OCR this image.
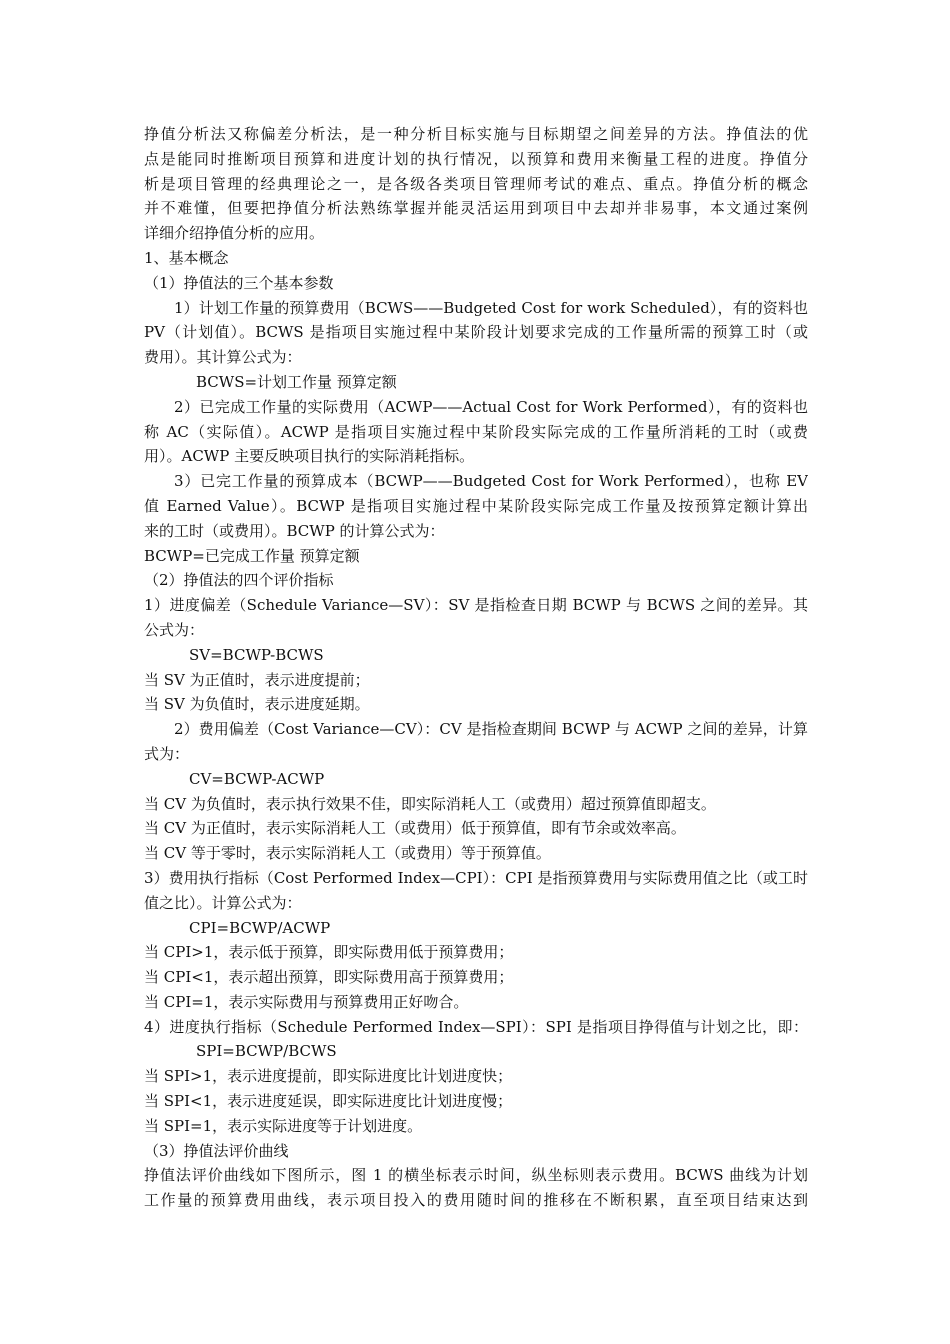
挣值分析法又称偏差分析法，是一种分析目标实施与目标期望之间差异的方法。挣值法的优
点是能同时推断项目预算和进度计划的执行情况，以预算和费用来衡量工程的进度。挣值分
析是项目管理的经典理论之一，是各级各类项目管理师考试的难点、重点。挣值分析的概念
并不难懂，但要把挣值分析法熟练掌握并能灵活运用到项目中去却并非易事，本文通过案例
详细介绍挣值分析的应用。
1、基本概念
（1）挣值法的三个基本参数
1）计划工作量的预算费用（BCWS——Budgeted Cost for work Scheduled），有的资料也
PV（计划值）。BCWS 是指项目实施过程中某阶段计划要求完成的工作量所需的预算工时（或
费用）。其计算公式为：
BCWS=计划工作量 预算定额
2）已完成工作量的实际费用（ACWP——Actual Cost for Work Performed），有的资料也
称 AC（实际值）。ACWP 是指项目实施过程中某阶段实际完成的工作量所消耗的工时（或费
用）。ACWP 主要反映项目执行的实际消耗指标。
3）已完工作量的预算成本（BCWP——Budgeted Cost for Work Performed），也称 EV
值 Earned Value）。BCWP 是指项目实施过程中某阶段实际完成工作量及按预算定额计算出
来的工时（或费用）。BCWP 的计算公式为：
BCWP=已完成工作量 预算定额
（2）挣值法的四个评价指标
1）进度偏差（Schedule Variance—SV）：SV 是指检查日期 BCWP 与 BCWS 之间的差异。其
公式为：
SV=BCWP-BCWS
当 SV 为正值时，表示进度提前；
当 SV 为负值时，表示进度延期。
2）费用偏差（Cost Variance—CV）：CV 是指检查期间 BCWP 与 ACWP 之间的差异，计算
式为：
CV=BCWP-ACWP
当 CV 为负值时，表示执行效果不佳，即实际消耗人工（或费用）超过预算值即超支。
当 CV 为正值时，表示实际消耗人工（或费用）低于预算值，即有节余或效率高。
当 CV 等于零时，表示实际消耗人工（或费用）等于预算值。
3）费用执行指标（Cost Performed Index—CPI）：CPI 是指预算费用与实际费用值之比（或工时
值之比）。计算公式为：
CPI=BCWP/ACWP
当 CPI>1，表示低于预算，即实际费用低于预算费用；
当 CPI<1，表示超出预算，即实际费用高于预算费用；
当 CPI=1，表示实际费用与预算费用正好吻合。
4）进度执行指标（Schedule Performed Index—SPI）：SPI 是指项目挣得值与计划之比，即：
SPI=BCWP/BCWS
当 SPI>1，表示进度提前，即实际进度比计划进度快；
当 SPI<1，表示进度延误，即实际进度比计划进度慢；
当 SPI=1，表示实际进度等于计划进度。
（3）挣值法评价曲线
挣值法评价曲线如下图所示，图 1 的横坐标表示时间，纵坐标则表示费用。BCWS 曲线为计划
工作量的预算费用曲线，表示项目投入的费用随时间的推移在不断积累，直至项目结束达到
